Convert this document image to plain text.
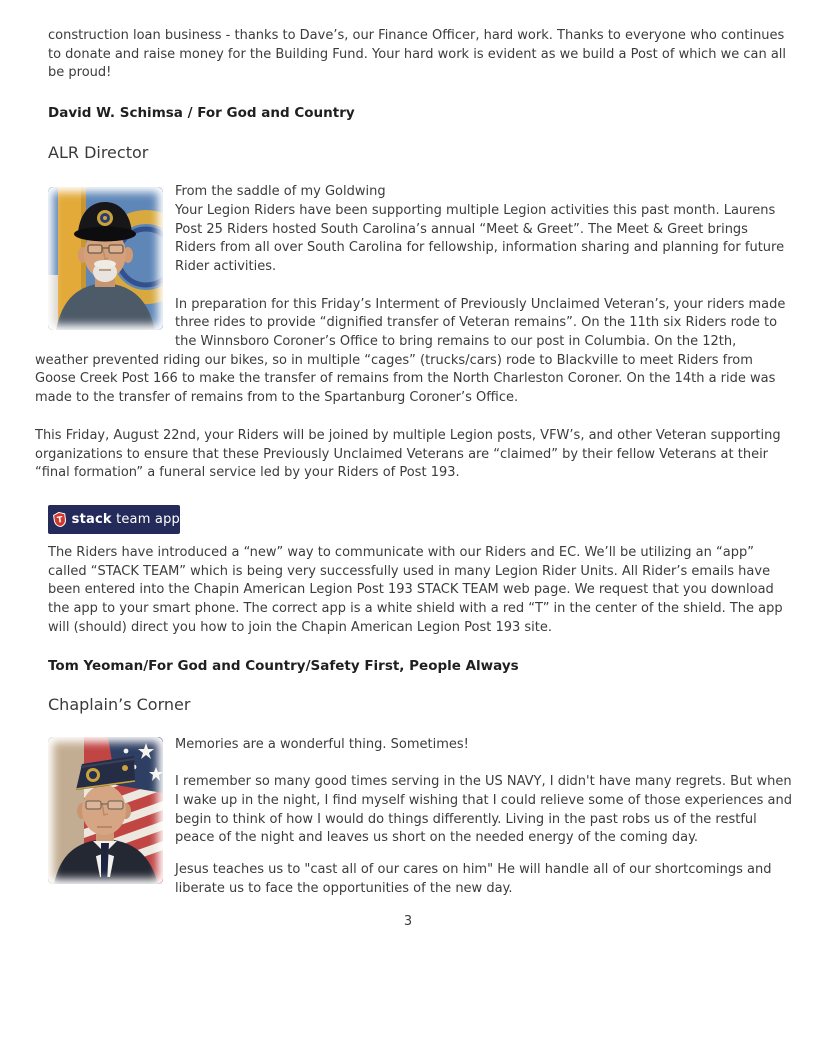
construction loan business - thanks to Dave’s, our Finance Officer, hard work. Thanks to everyone who continues to donate and raise money for the Building Fund. Your hard work is evident as we build a Post of which we can all be proud!

David W. Schimsa / For God and Country

ALR Director
From the saddle of my Goldwing

Your Legion Riders have been supporting multiple Legion activities this past month. Laurens Post 25 Riders hosted South Carolina’s annual “Meet & Greet”. The Meet & Greet brings Riders from all over South Carolina for fellowship, information sharing and planning for future Rider activities.

In preparation for this Friday’s Interment of Previously Unclaimed Veteran’s, your riders made three rides to provide “dignified transfer of Veteran remains”. On the 11th six Riders rode to the Winnsboro Coroner’s Office to bring remains to our post in Columbia. On the 12th, weather prevented riding our bikes, so in multiple “cages” (trucks/cars) rode to Blackville to meet Riders from Goose Creek Post 166 to make the transfer of remains from the North Charleston Coroner. On the 14th a ride was made to the transfer of remains from to the Spartanburg Coroner’s Office.

This Friday, August 22nd, your Riders will be joined by multiple Legion posts, VFW’s, and other Veteran supporting organizations to ensure that these Previously Unclaimed Veterans are “claimed” by their fellow Veterans at their “final formation” a funeral service led by your Riders of Post 193.

T stack team app

The Riders have introduced a “new” way to communicate with our Riders and EC. We’ll be utilizing an “app” called “STACK TEAM” which is being very successfully used in many Legion Rider Units. All Rider’s emails have been entered into the Chapin American Legion Post 193 STACK TEAM web page. We request that you download the app to your smart phone. The correct app is a white shield with a red “T” in the center of the shield. The app will (should) direct you how to join the Chapin American Legion Post 193 site.

Tom Yeoman/For God and Country/Safety First, People Always

Chaplain’s Corner
Memories are a wonderful thing. Sometimes!

I remember so many good times serving in the US NAVY, I didn't have many regrets. But when I wake up in the night, I find myself wishing that I could relieve some of those experiences and begin to think of how I would do things differently. Living in the past robs us of the restful peace of the night and leaves us short on the needed energy of the coming day.

Jesus teaches us to "cast all of our cares on him" He will handle all of our shortcomings and liberate us to face the opportunities of the new day.

3
